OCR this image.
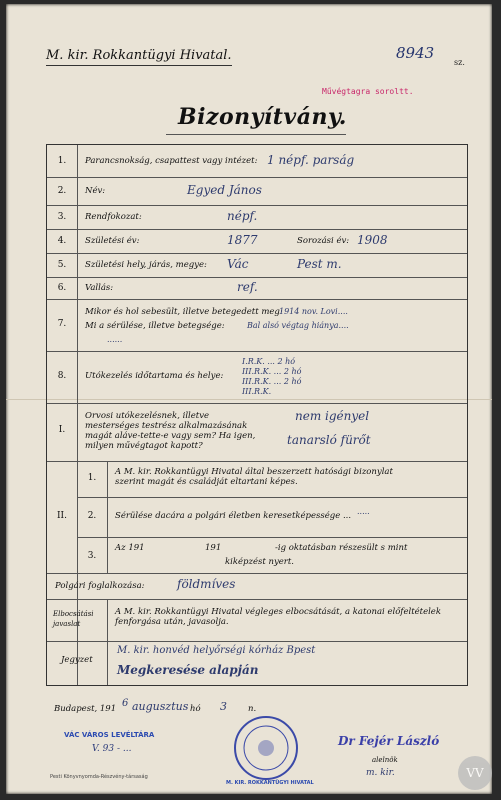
M. kir. Rokkantügyi Hivatal.	8943
sz.
Művégtagra soroltt.
Bizonyítvány.
1.	Parancsnokság, csapattest vagy intézet: 1 népf. parság
2.	Név:	Egyed János
3.	Rendfokozat:	népf.
4.	Születési év:	1877	Sorozási év: 1908
5.	Születési hely, járás, megye: Vác	Pest m.
6.	Vallás:	ref.
7.
Mikor és hol sebesült, illetve betegedett meg:
1914 nov. Lovi....
Mi a sérülése, illetve betegsége:	Bal alsó végtag hiánya....
......
8.	Utókezelés időtartama és helye:
I.R.K. ... 2 hó
III.R.K. ... 2 hó
III.R.K. ... 2 hó
III.R.K.
I.
Orvosi utókezelésnek, illetve mesterséges testrész alkalmazásának magát aláve-tette-e vagy sem? Ha igen, milyen művégtagot kapott?
nem igényel
tanarsló fürőt
II.
1.
A M. kir. Rokkantügyi Hivatal által beszerzett hatósági bizonylat szerint magát és családját eltartani képes.
2.	Sérülése dacára a polgári életben keresetképessége ... .....
3.
Az 191	191	-ig oktatásban részesült s mint
kiképzést nyert.
Polgári foglalkozása:	földmíves
Elbocsátási javaslat
A M. kir. Rokkantügyi Hivatal végleges elbocsátását, a katonai előfeltételek fenforgása után, javasolja.
Jegyzet
M. kir. honvéd helyőrségi kórház Bpest
Megkeresése alapján
Budapest, 191 6 augusztus hó 3 n.
VÁC VÁROS LEVÉLTÁRA
V. 93 - ...
M. KIR. ROKKANTÜGYI HIVATAL
Dr Fejér László
alelnök
m. kir.
Pesti Könyvnyomda-Részvény-társaság	VV
